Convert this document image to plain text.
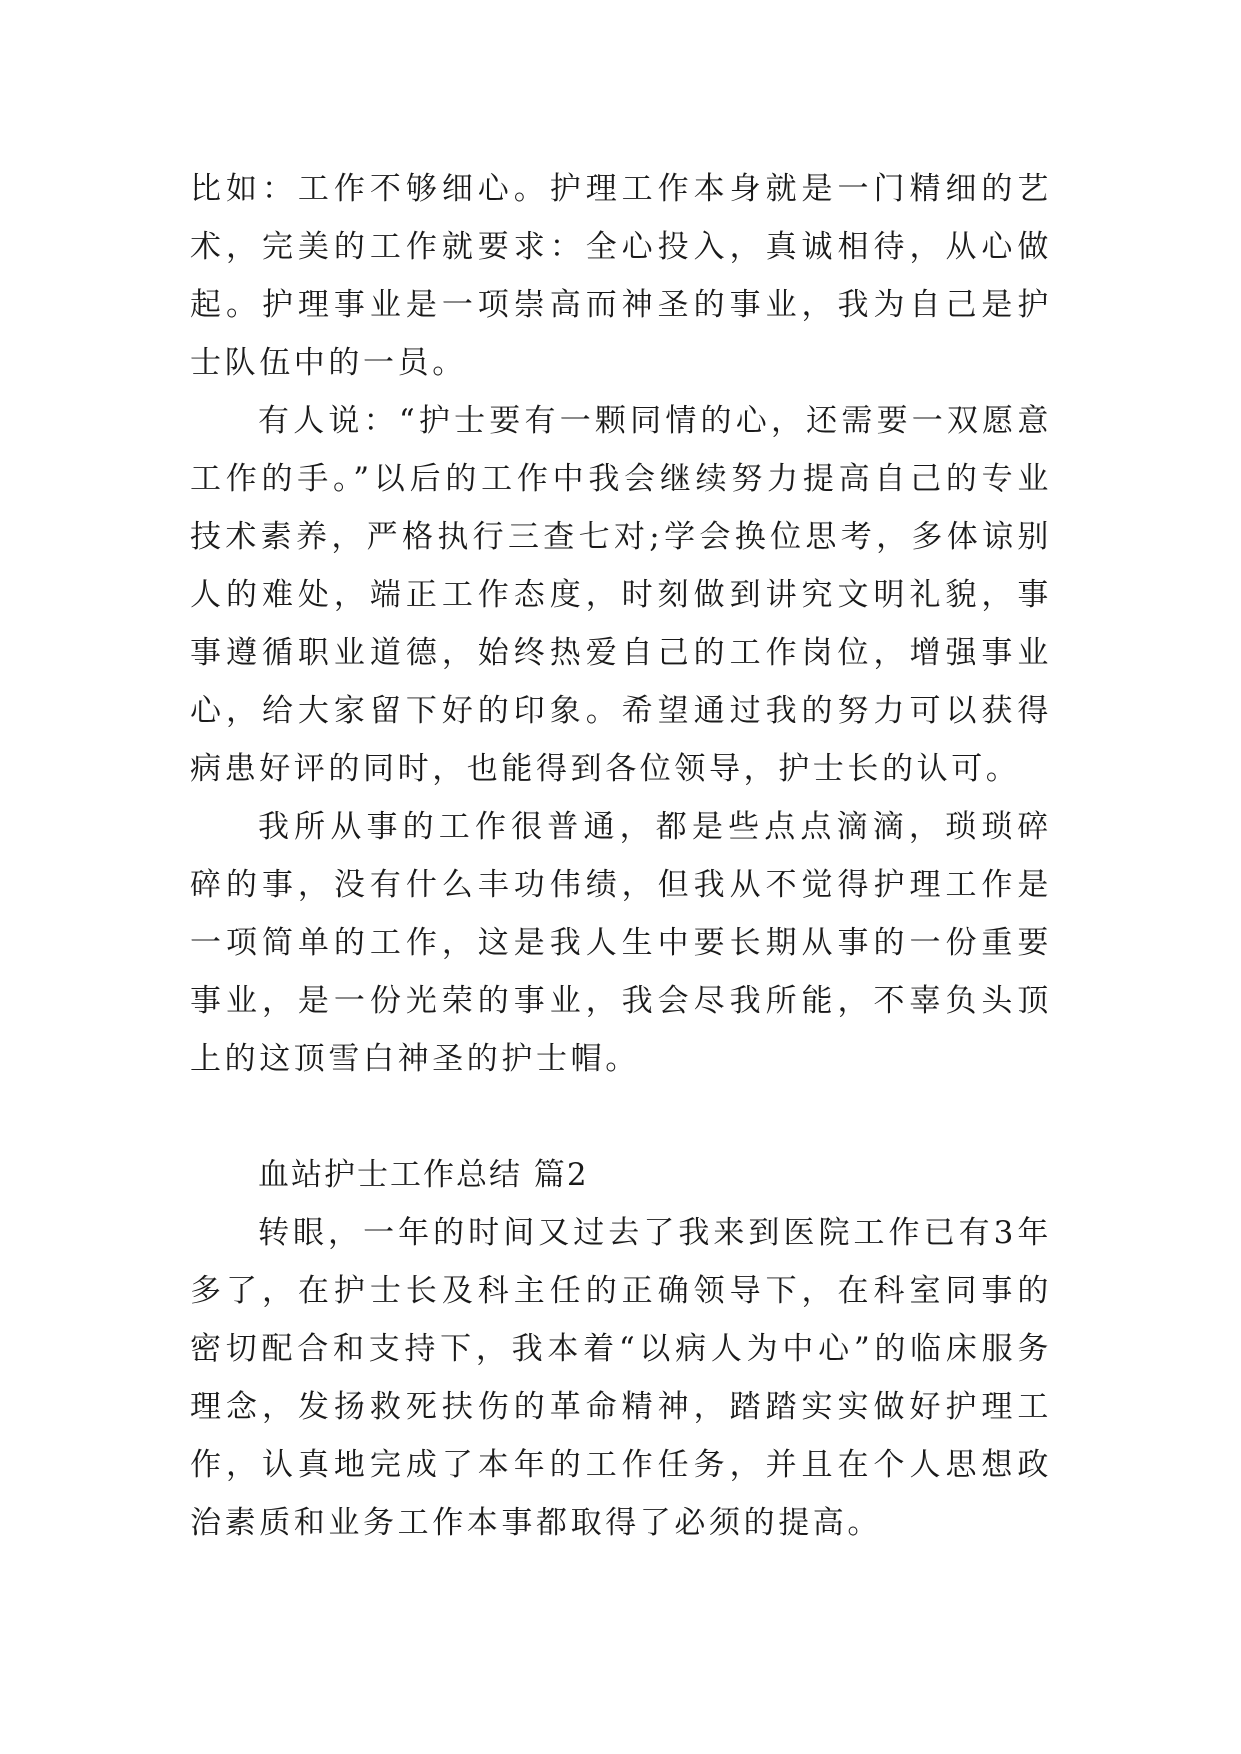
比如：工作不够细心。护理工作本身就是一门精细的艺术，完美的工作就要求：全心投入，真诚相待，从心做起。护理事业是一项崇高而神圣的事业，我为自己是护士队伍中的一员。

有人说：“护士要有一颗同情的心，还需要一双愿意工作的手。”以后的工作中我会继续努力提高自己的专业技术素养，严格执行三查七对;学会换位思考，多体谅别人的难处，端正工作态度，时刻做到讲究文明礼貌，事事遵循职业道德，始终热爱自己的工作岗位，增强事业心，给大家留下好的印象。希望通过我的努力可以获得病患好评的同时，也能得到各位领导，护士长的认可。

我所从事的工作很普通，都是些点点滴滴，琐琐碎碎的事，没有什么丰功伟绩，但我从不觉得护理工作是一项简单的工作，这是我人生中要长期从事的一份重要事业，是一份光荣的事业，我会尽我所能，不辜负头顶上的这顶雪白神圣的护士帽。

血站护士工作总结 篇2

转眼，一年的时间又过去了我来到医院工作已有3年多了，在护士长及科主任的正确领导下，在科室同事的密切配合和支持下，我本着“以病人为中心”的临床服务理念，发扬救死扶伤的革命精神，踏踏实实做好护理工作，认真地完成了本年的工作任务，并且在个人思想政治素质和业务工作本事都取得了必须的提高。
